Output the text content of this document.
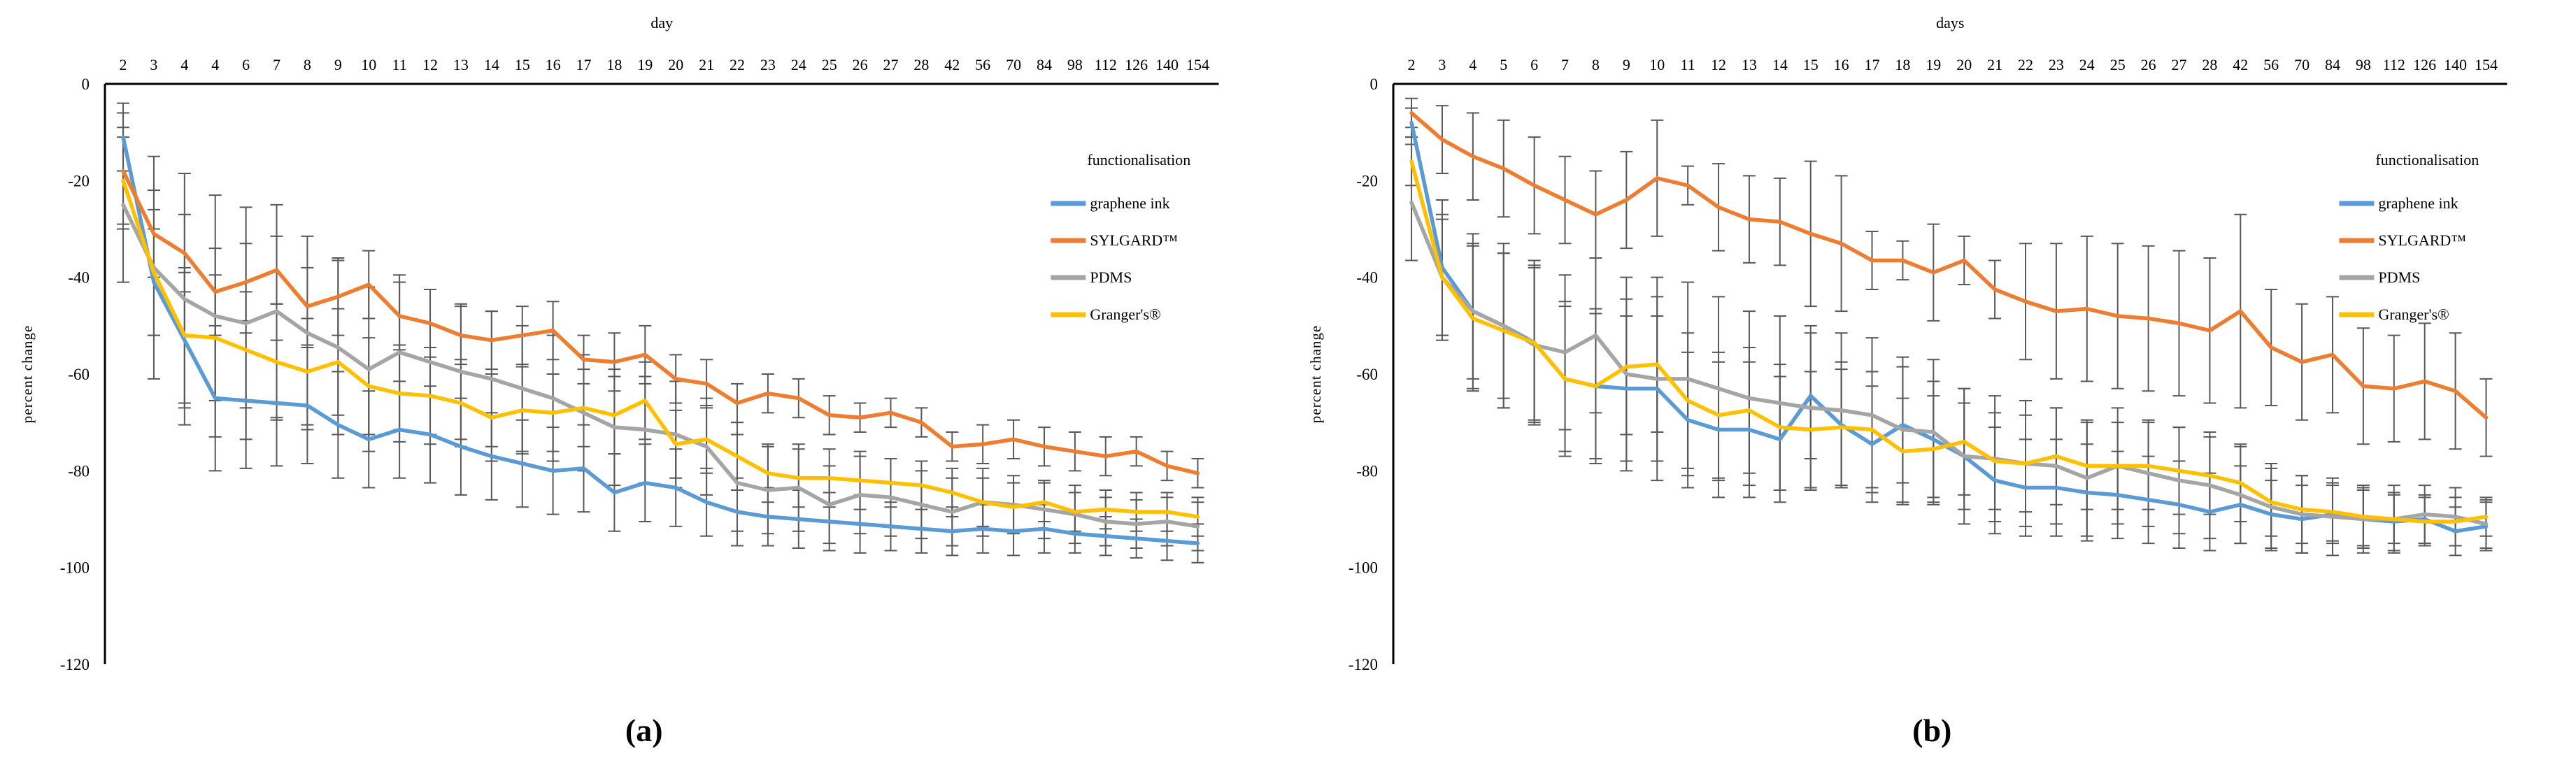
day
2 3 4 4 6 7 8 9 10 11 12 13 14 15 16 17 18 19 20 21 22 23 24 25 26 27 28 42 56 70 84 98 112 126 140 154
0
-20
-40
-60
-80
-100
-120
percent change
functionalisation
graphene ink
SYLGARD™
PDMS
Granger's®
(a)
days
2 3 4 5 6 7 8 9 10 11 12 13 14 15 16 17 18 19 20 21 22 23 24 25 26 27 28 42 56 70 84 98 112 126 140 154
0
-20
-40
-60
-80
-100
-120
percent change
functionalisation
graphene ink
SYLGARD™
PDMS
Granger's®
(b)
